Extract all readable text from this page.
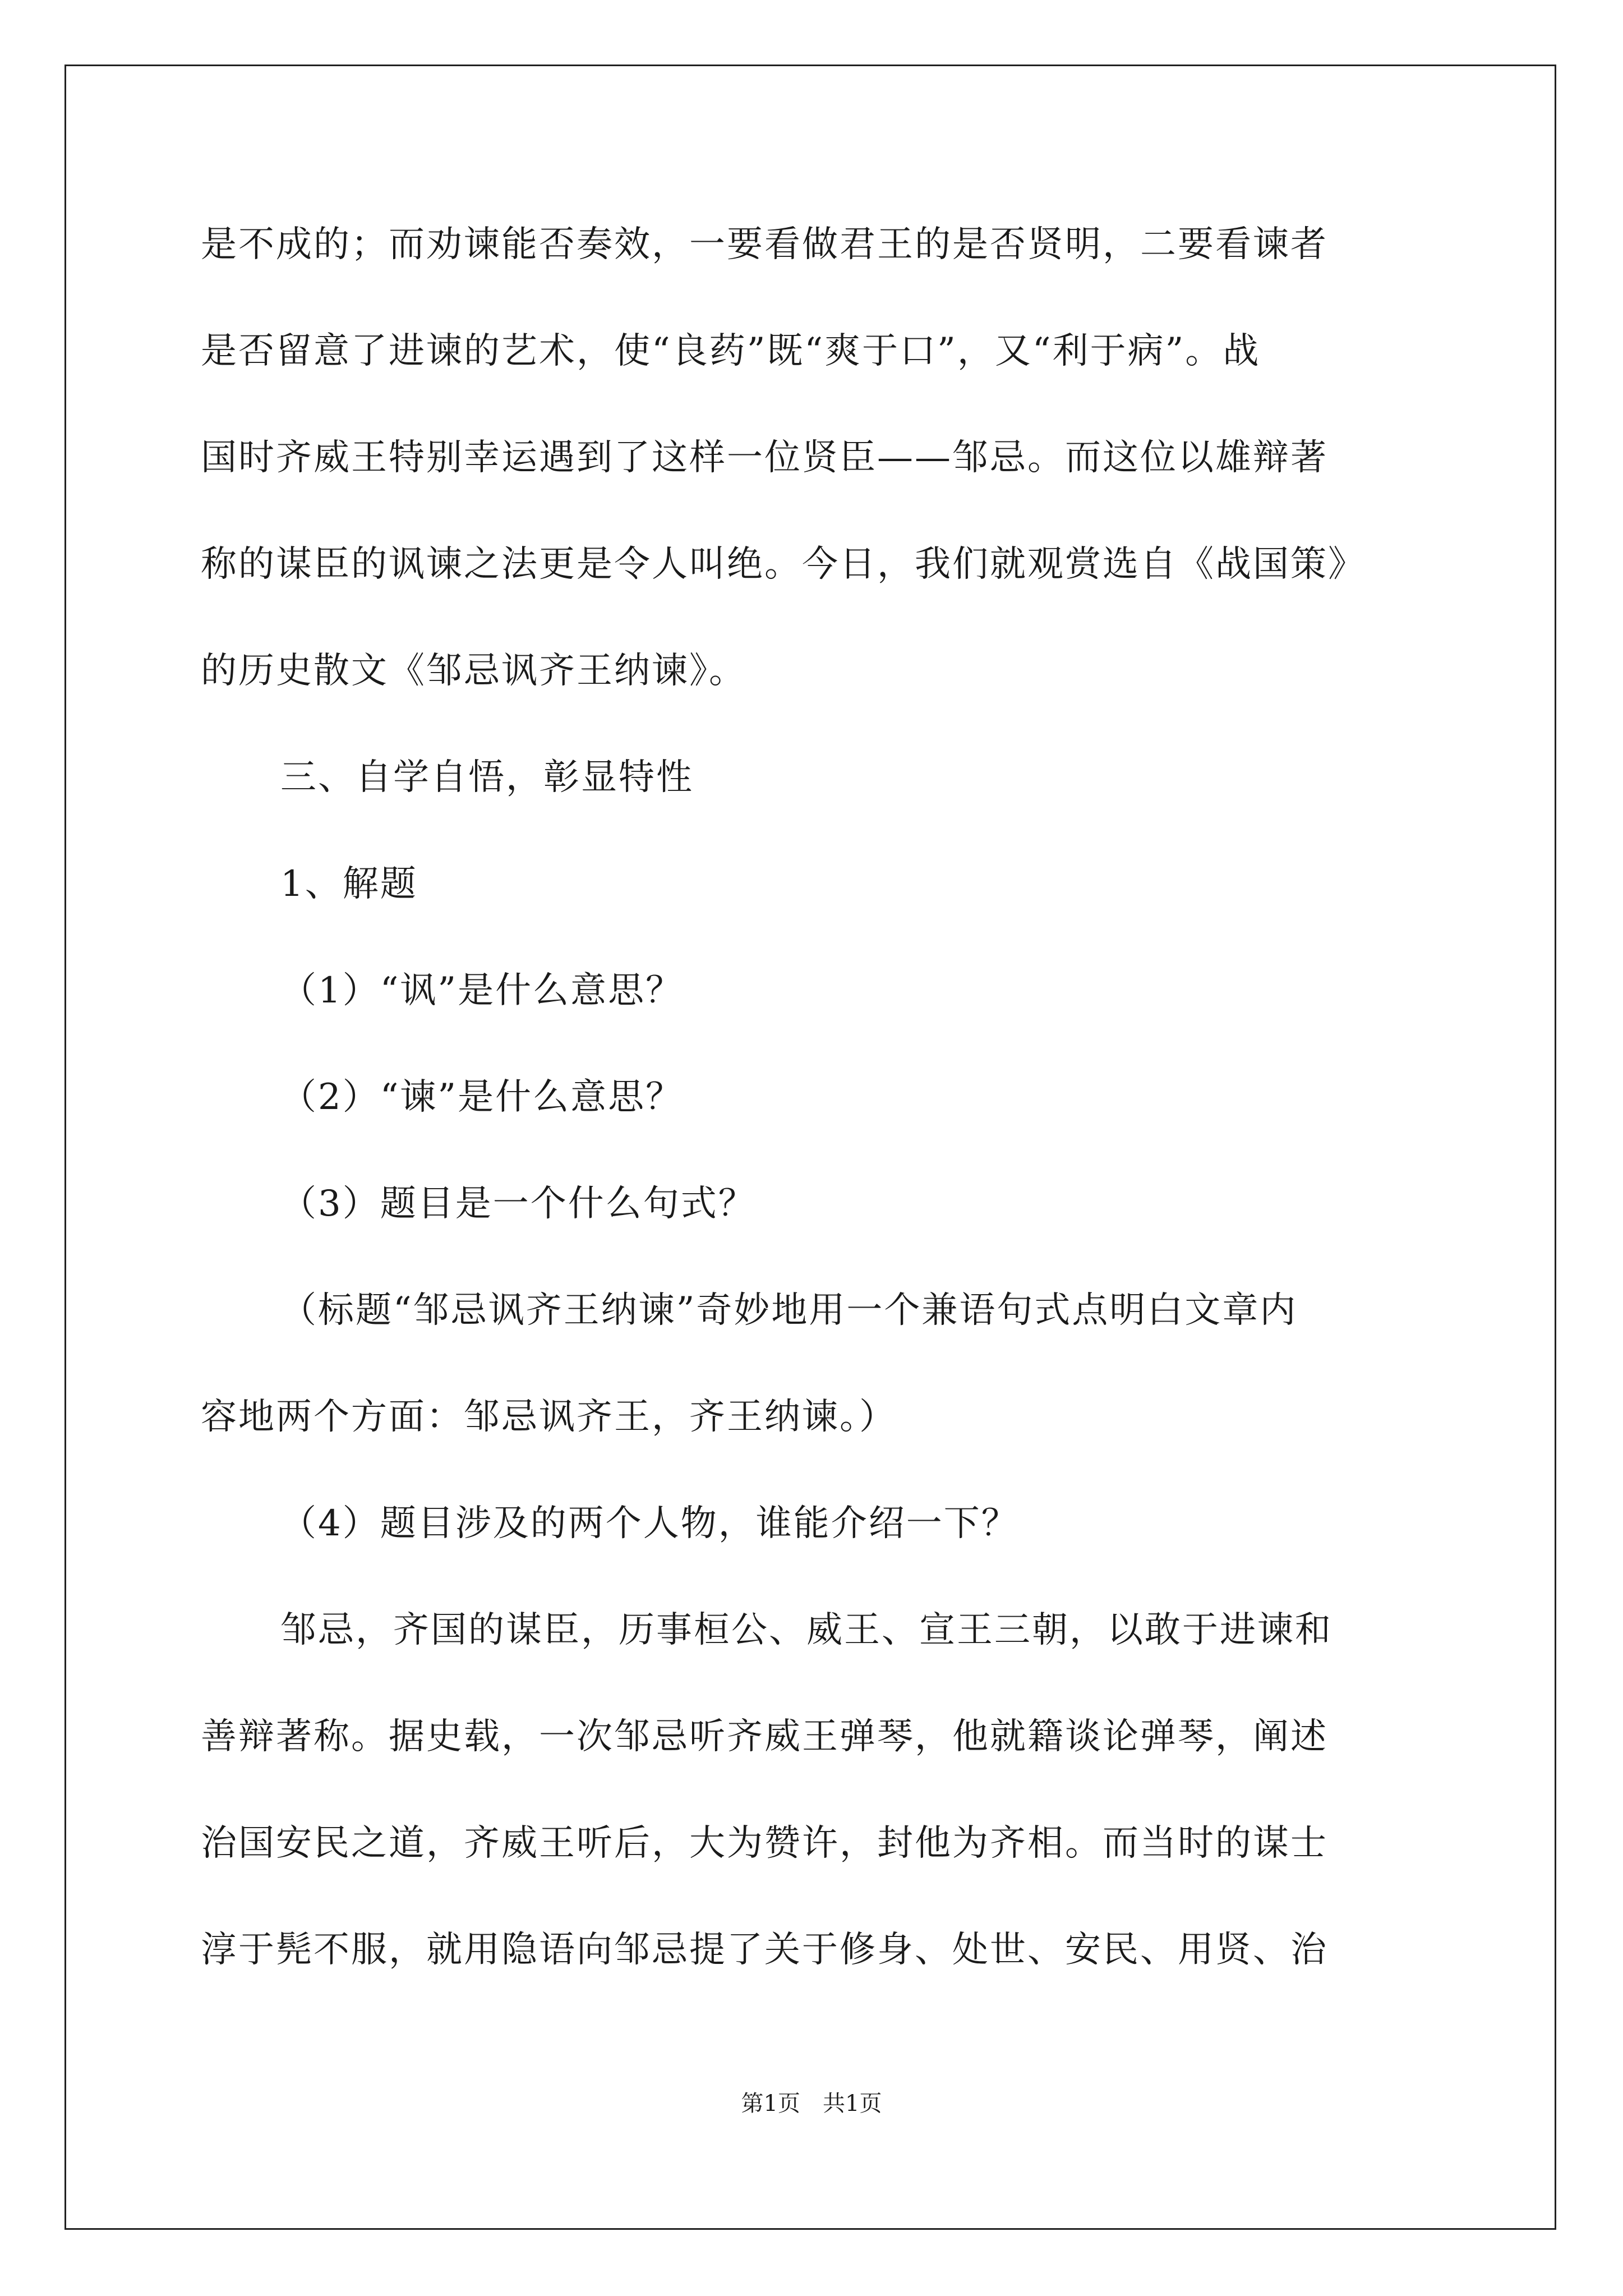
是不成的；而劝谏能否奏效，一要看做君王的是否贤明，二要看谏者
是否留意了进谏的艺术，使“良药”既“爽于口”，又“利于病”。战
国时齐威王特别幸运遇到了这样一位贤臣——邹忌。而这位以雄辩著
称的谋臣的讽谏之法更是令人叫绝。今日，我们就观赏选自《战国策》
的历史散文《邹忌讽齐王纳谏》。
三、自学自悟，彰显特性
1、解题
（1）“讽”是什么意思？
（2）“谏”是什么意思？
（3）题目是一个什么句式？
（标题“邹忌讽齐王纳谏”奇妙地用一个兼语句式点明白文章内
容地两个方面：邹忌讽齐王，齐王纳谏。）
（4）题目涉及的两个人物，谁能介绍一下？
邹忌，齐国的谋臣，历事桓公、威王、宣王三朝，以敢于进谏和
善辩著称。据史载，一次邹忌听齐威王弹琴，他就籍谈论弹琴，阐述
治国安民之道，齐威王听后，大为赞许，封他为齐相。而当时的谋士
淳于髡不服，就用隐语向邹忌提了关于修身、处世、安民、用贤、治
第1页 共1页
